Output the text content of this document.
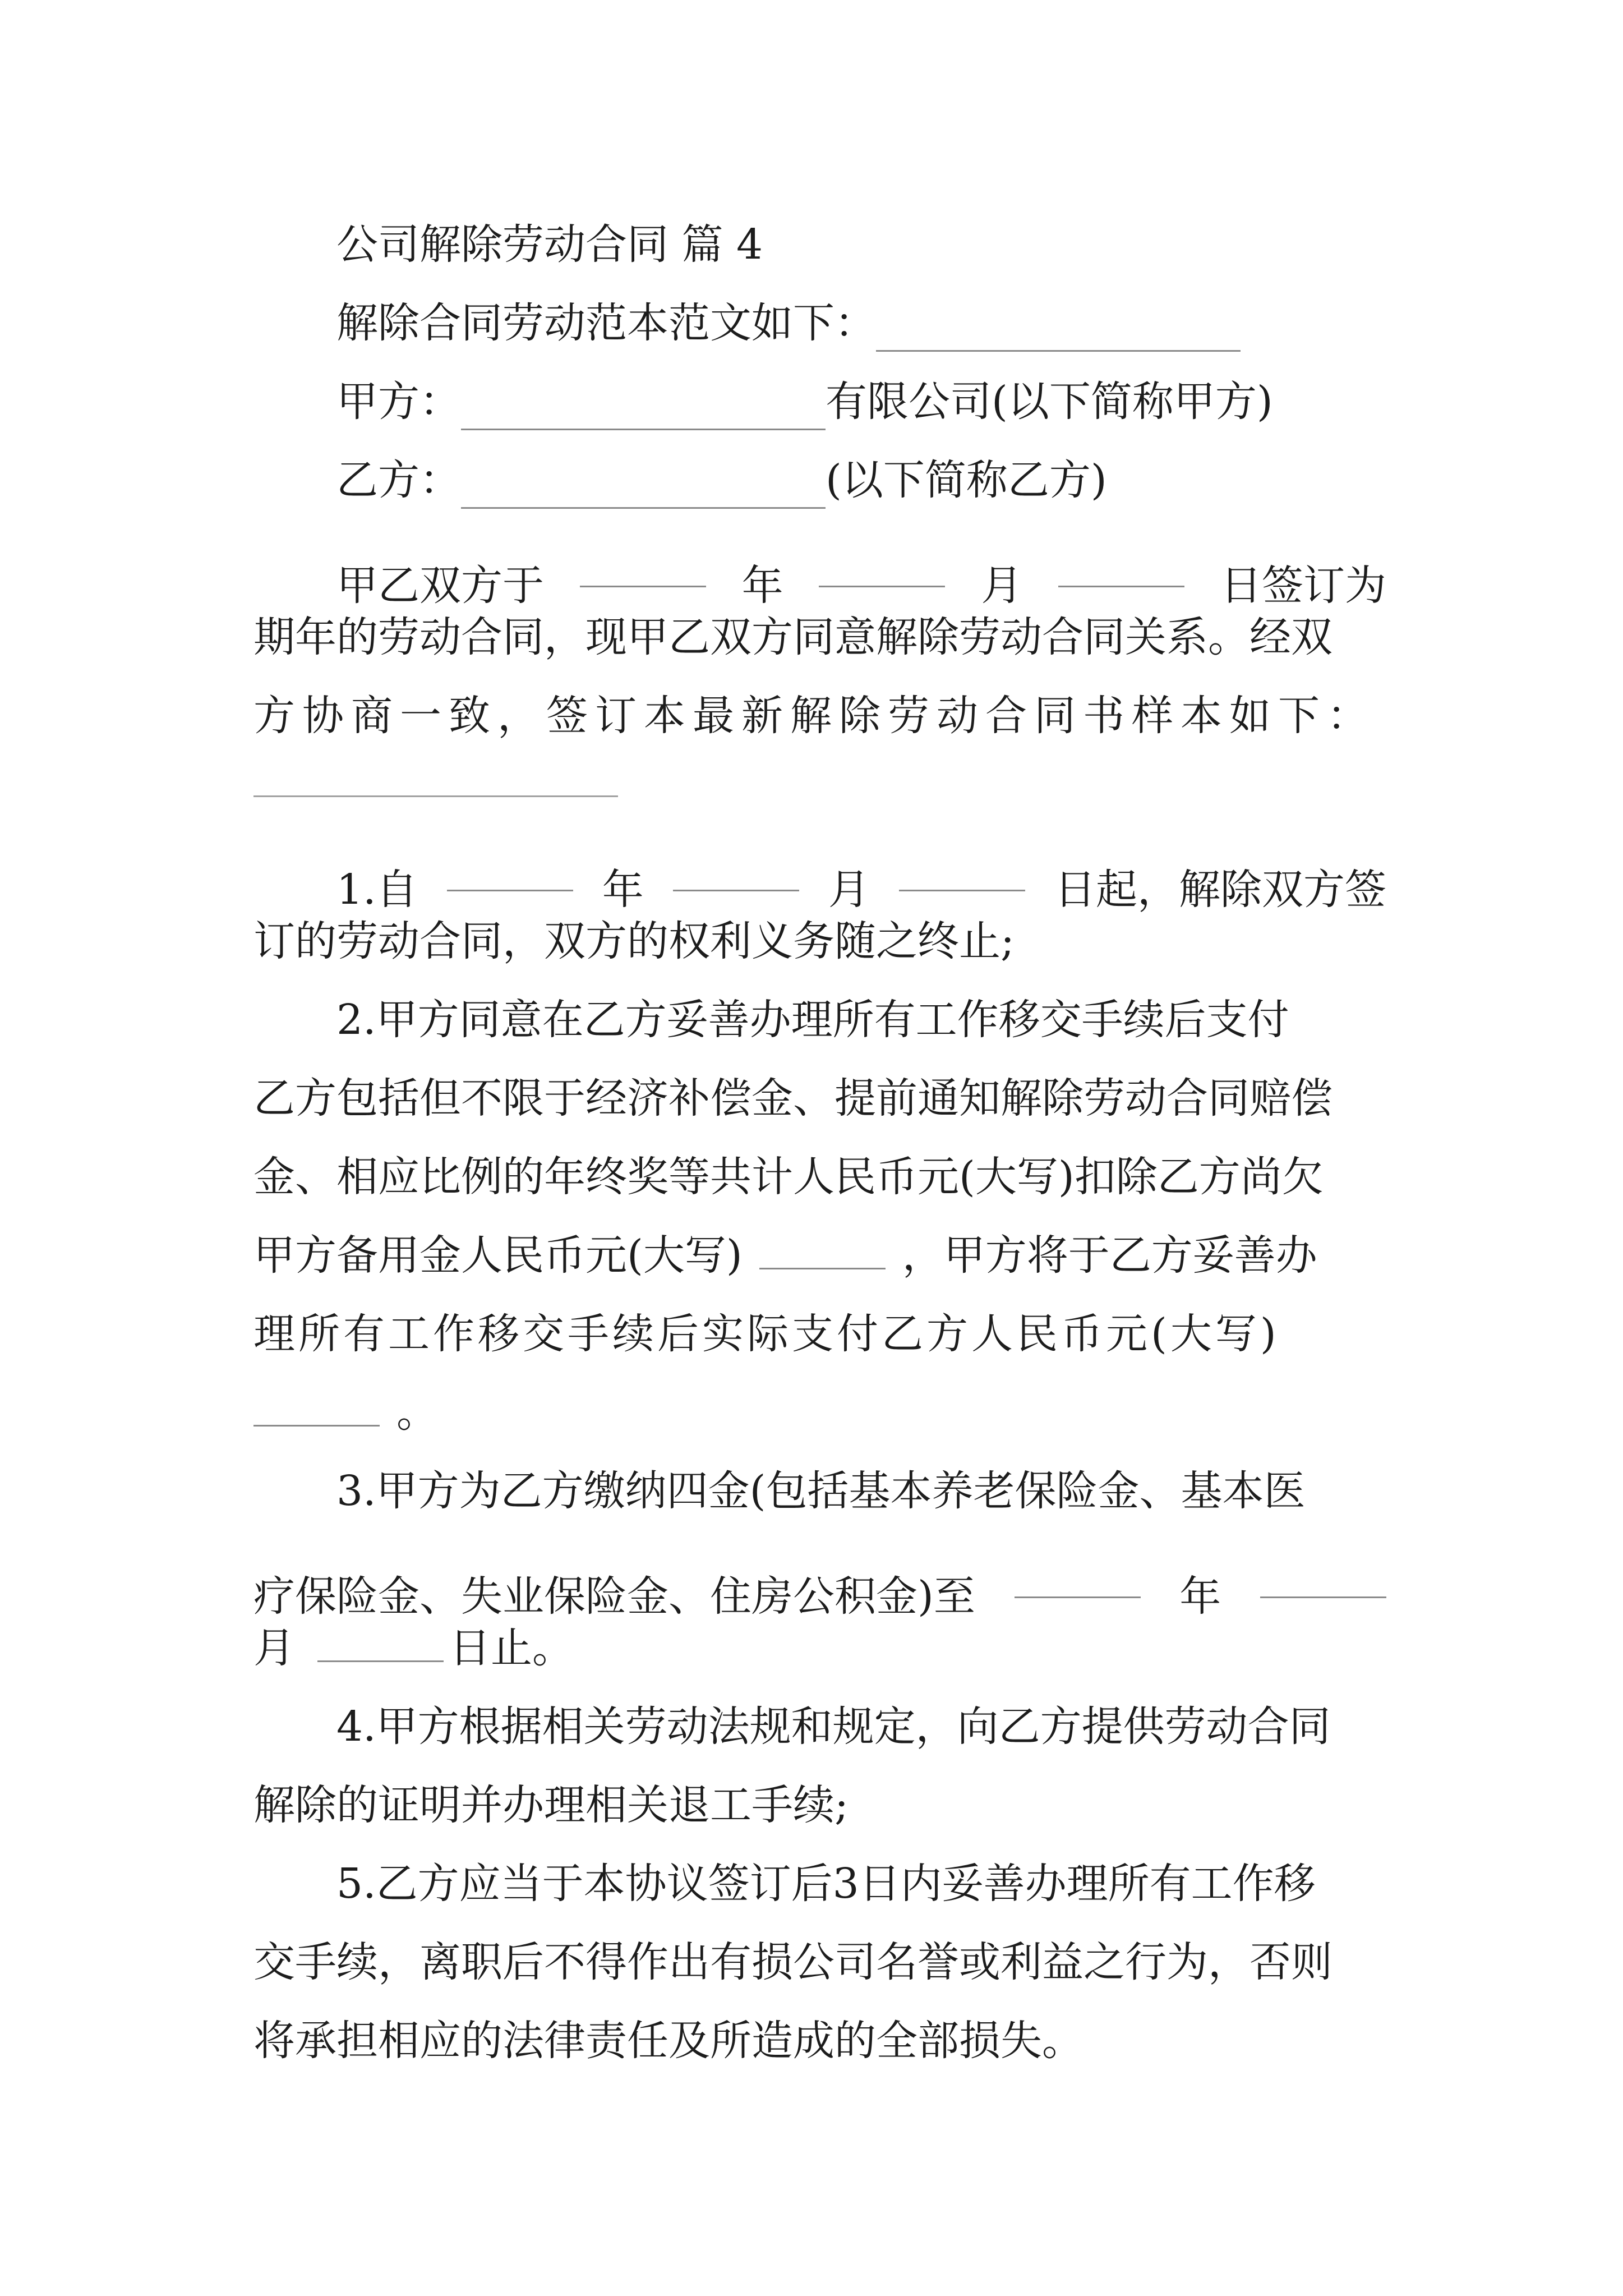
公司解除劳动合同 篇 4
解除合同劳动范本范文如下：
甲方：	有限公司(以下简称甲方)
乙方：	(以下简称乙方)
甲乙双方于	年	月	日签订为
期年的劳动合同，现甲乙双方同意解除劳动合同关系。经双
方协商一致，签订本最新解除劳动合同书样本如下：
1.自	年	月	日起，解除双方签
订的劳动合同，双方的权利义务随之终止;
2.甲方同意在乙方妥善办理所有工作移交手续后支付
乙方包括但不限于经济补偿金、提前通知解除劳动合同赔偿
金、相应比例的年终奖等共计人民币元(大写)扣除乙方尚欠
甲方备用金人民币元(大写)	，甲方将于乙方妥善办
理所有工作移交手续后实际支付乙方人民币元(大写)
。
3.甲方为乙方缴纳四金(包括基本养老保险金、基本医
疗保险金、失业保险金、住房公积金)至	年
月	日止。
4.甲方根据相关劳动法规和规定，向乙方提供劳动合同
解除的证明并办理相关退工手续;
5.乙方应当于本协议签订后3日内妥善办理所有工作移
交手续，离职后不得作出有损公司名誉或利益之行为，否则
将承担相应的法律责任及所造成的全部损失。
